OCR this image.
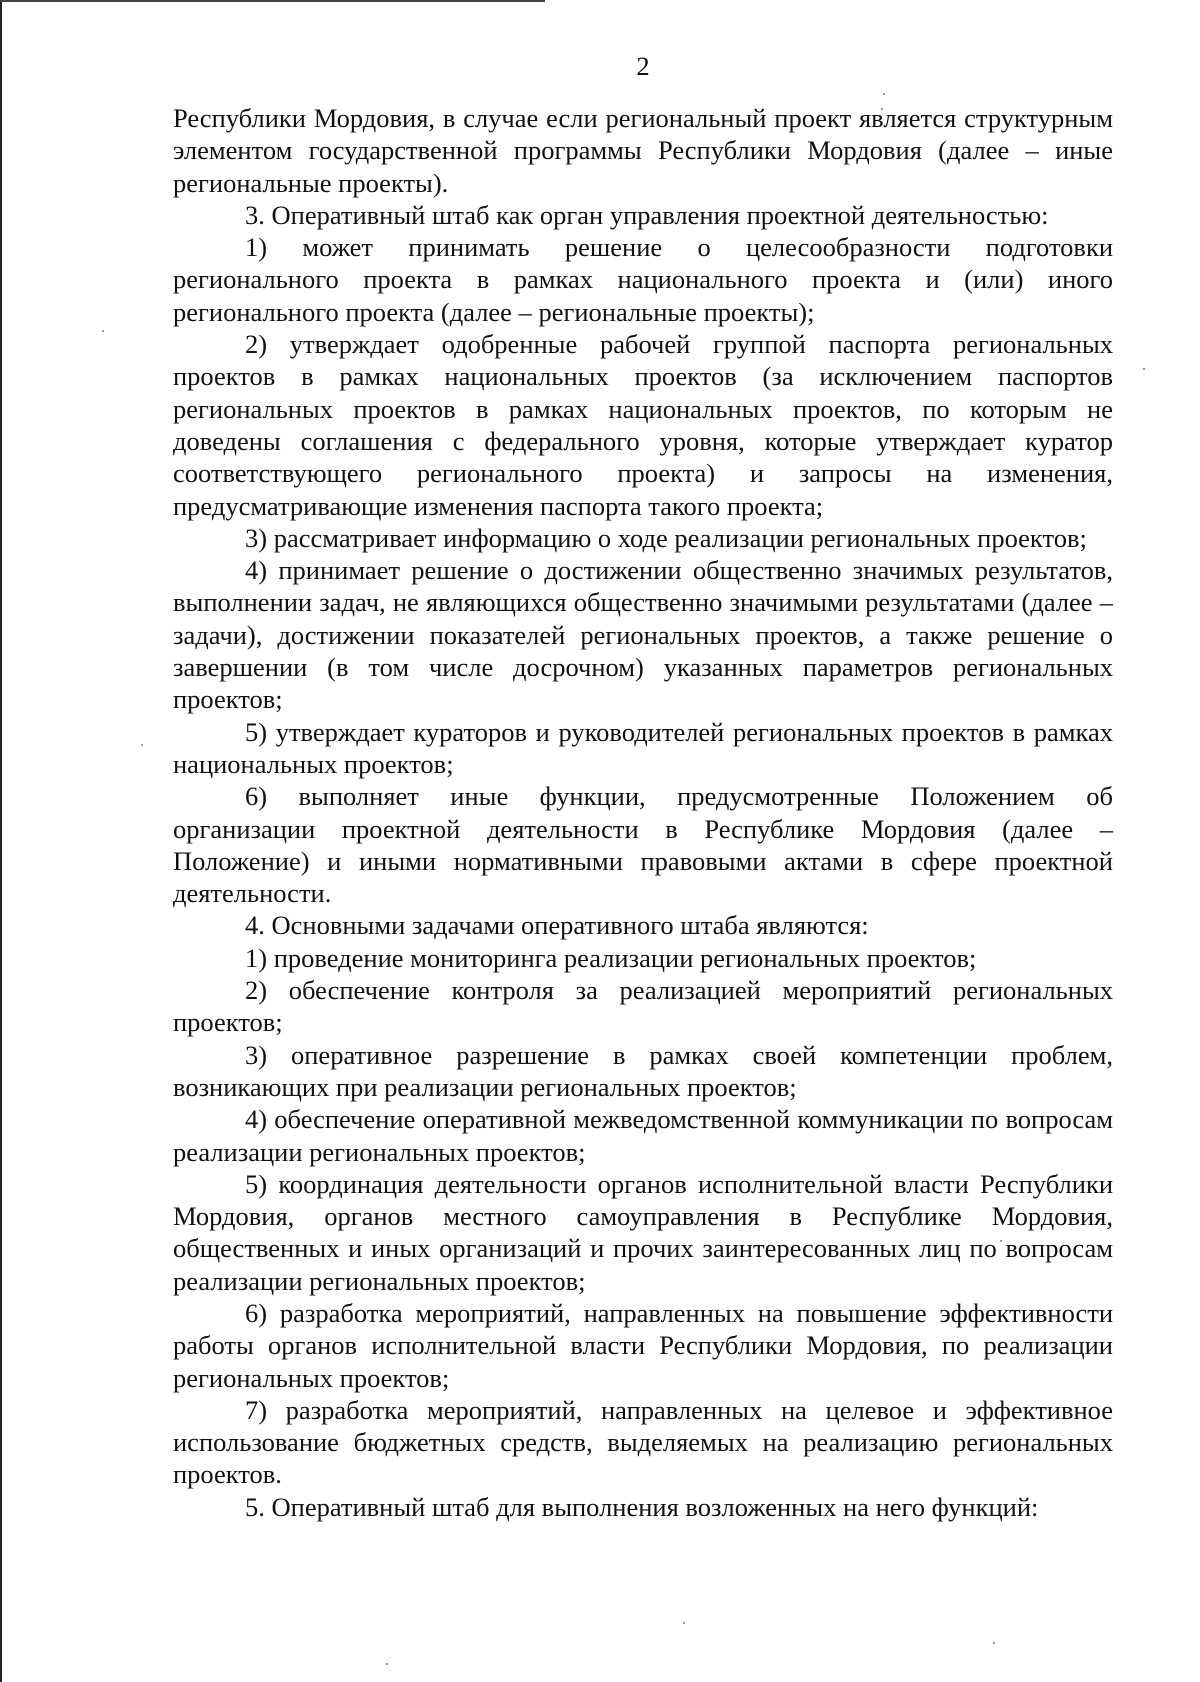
2

Республики Мордовия, в случае если региональный проект является структурным элементом государственной программы Республики Мордовия (далее – иные региональные проекты).

3. Оперативный штаб как орган управления проектной деятельностью:

1) может принимать решение о целесообразности подготовки регионального проекта в рамках национального проекта и (или) иного регионального проекта (далее – региональные проекты);

2) утверждает одобренные рабочей группой паспорта региональных проектов в рамках национальных проектов (за исключением паспортов региональных проектов в рамках национальных проектов, по которым не доведены соглашения с федерального уровня, которые утверждает куратор соответствующего регионального проекта) и запросы на изменения, предусматривающие изменения паспорта такого проекта;

3) рассматривает информацию о ходе реализации региональных проектов;

4) принимает решение о достижении общественно значимых результатов, выполнении задач, не являющихся общественно значимыми результатами (далее – задачи), достижении показателей региональных проектов, а также решение о завершении (в том числе досрочном) указанных параметров региональных проектов;

5) утверждает кураторов и руководителей региональных проектов в рамках национальных проектов;

6) выполняет иные функции, предусмотренные Положением об организации проектной деятельности в Республике Мордовия (далее – Положение) и иными нормативными правовыми актами в сфере проектной деятельности.

4. Основными задачами оперативного штаба являются:

1) проведение мониторинга реализации региональных проектов;

2) обеспечение контроля за реализацией мероприятий региональных проектов;

3) оперативное разрешение в рамках своей компетенции проблем, возникающих при реализации региональных проектов;

4) обеспечение оперативной межведомственной коммуникации по вопросам реализации региональных проектов;

5) координация деятельности органов исполнительной власти Республики Мордовия, органов местного самоуправления в Республике Мордовия, общественных и иных организаций и прочих заинтересованных лиц по вопросам реализации региональных проектов;

6) разработка мероприятий, направленных на повышение эффективности работы органов исполнительной власти Республики Мордовия, по реализации региональных проектов;

7) разработка мероприятий, направленных на целевое и эффективное использование бюджетных средств, выделяемых на реализацию региональных проектов.

5. Оперативный штаб для выполнения возложенных на него функций:
